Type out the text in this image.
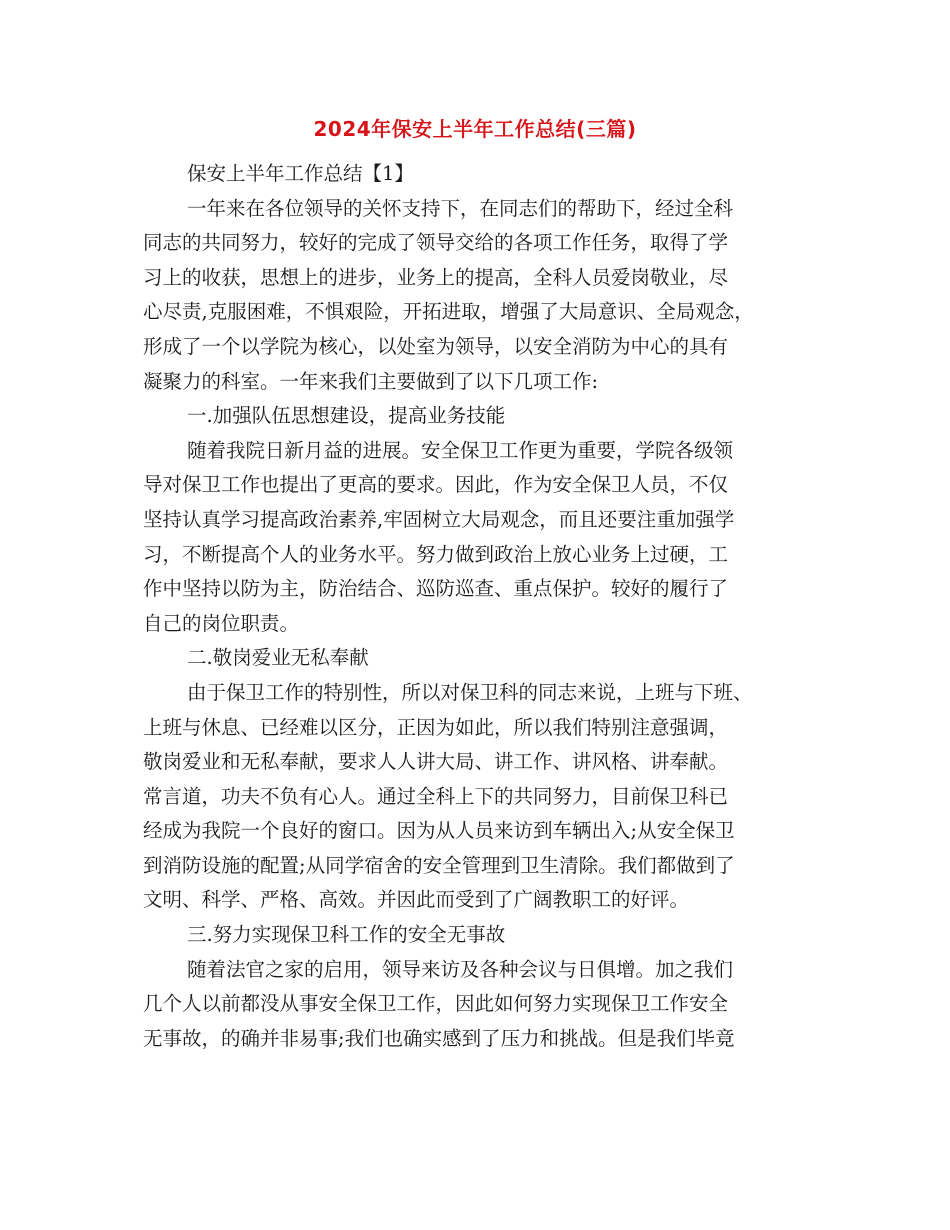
2024年保安上半年工作总结(三篇)
保安上半年工作总结【1】
一年来在各位领导的关怀支持下，在同志们的帮助下，经过全科
同志的共同努力，较好的完成了领导交给的各项工作任务，取得了学
习上的收获，思想上的进步，业务上的提高，全科人员爱岗敬业，尽
心尽责,克服困难，不惧艰险，开拓进取，增强了大局意识、全局观念，
形成了一个以学院为核心，以处室为领导，以安全消防为中心的具有
凝聚力的科室。一年来我们主要做到了以下几项工作:
一.加强队伍思想建设，提高业务技能
随着我院日新月益的进展。安全保卫工作更为重要，学院各级领
导对保卫工作也提出了更高的要求。因此，作为安全保卫人员，不仅
坚持认真学习提高政治素养,牢固树立大局观念，而且还要注重加强学
习，不断提高个人的业务水平。努力做到政治上放心业务上过硬，工
作中坚持以防为主，防治结合、巡防巡查、重点保护。较好的履行了
自己的岗位职责。
二.敬岗爱业无私奉献
由于保卫工作的特别性，所以对保卫科的同志来说，上班与下班、
上班与休息、已经难以区分，正因为如此，所以我们特别注意强调，
敬岗爱业和无私奉献，要求人人讲大局、讲工作、讲风格、讲奉献。
常言道，功夫不负有心人。通过全科上下的共同努力，目前保卫科已
经成为我院一个良好的窗口。因为从人员来访到车辆出入;从安全保卫
到消防设施的配置;从同学宿舍的安全管理到卫生清除。我们都做到了
文明、科学、严格、高效。并因此而受到了广阔教职工的好评。
三.努力实现保卫科工作的安全无事故
随着法官之家的启用，领导来访及各种会议与日俱增。加之我们
几个人以前都没从事安全保卫工作，因此如何努力实现保卫工作安全
无事故，的确并非易事;我们也确实感到了压力和挑战。但是我们毕竟
